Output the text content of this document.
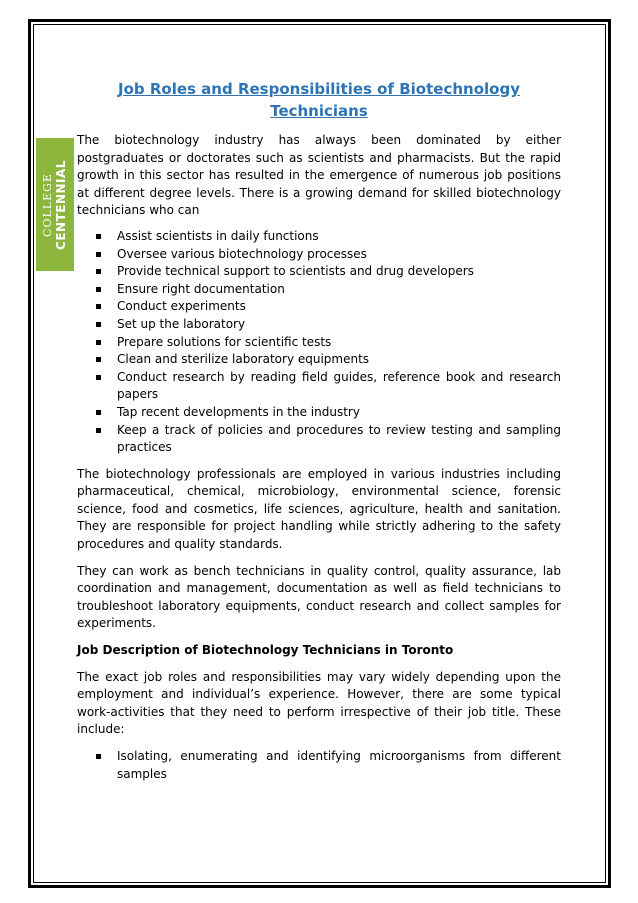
COLLEGE CENTENNIAL
Job Roles and Responsibilities of Biotechnology Technicians

The biotechnology industry has always been dominated by either postgraduates or doctorates such as scientists and pharmacists. But the rapid growth in this sector has resulted in the emergence of numerous job positions at different degree levels. There is a growing demand for skilled biotechnology technicians who can

Assist scientists in daily functions
Oversee various biotechnology processes
Provide technical support to scientists and drug developers
Ensure right documentation
Conduct experiments
Set up the laboratory
Prepare solutions for scientific tests
Clean and sterilize laboratory equipments
Conduct research by reading field guides, reference book and research papers
Tap recent developments in the industry
Keep a track of policies and procedures to review testing and sampling practices

The biotechnology professionals are employed in various industries including pharmaceutical, chemical, microbiology, environmental science, forensic science, food and cosmetics, life sciences, agriculture, health and sanitation. They are responsible for project handling while strictly adhering to the safety procedures and quality standards.

They can work as bench technicians in quality control, quality assurance, lab coordination and management, documentation as well as field technicians to troubleshoot laboratory equipments, conduct research and collect samples for experiments.

Job Description of Biotechnology Technicians in Toronto

The exact job roles and responsibilities may vary widely depending upon the employment and individual’s experience. However, there are some typical work-activities that they need to perform irrespective of their job title. These include:

Isolating, enumerating and identifying microorganisms from different samples
